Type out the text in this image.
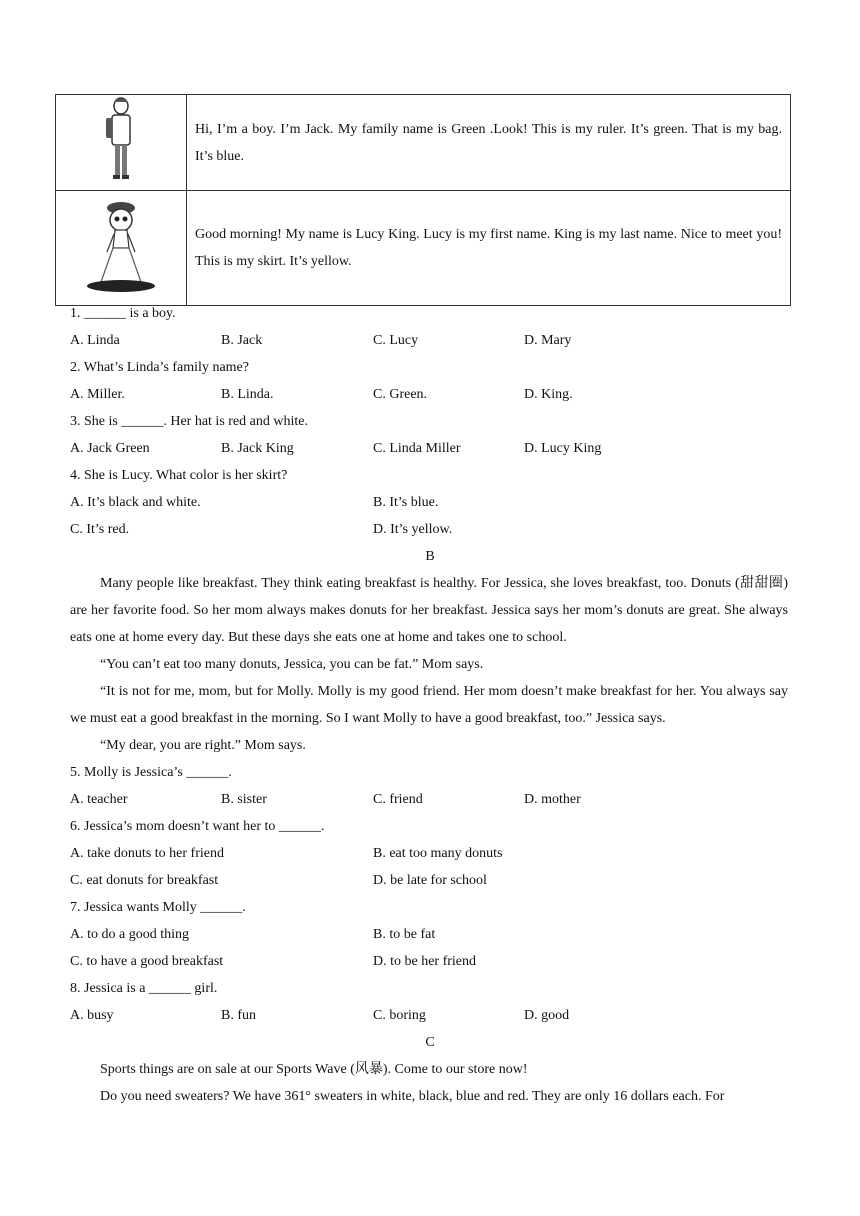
	Hi, I’m a boy. I’m Jack. My family name is Green .Look! This is my ruler. It’s green. That is my bag. It’s blue.
	Good morning! My name is Lucy King. Lucy is my first name. King is my last name. Nice to meet you! This is my skirt. It’s yellow.
1. ______ is a boy.
A. Linda	B. Jack	C. Lucy	D. Mary
2. What’s Linda’s family name?
A. Miller.	B. Linda.	C. Green.	D. King.
3. She is ______. Her hat is red and white.
A. Jack Green	B. Jack King	C. Linda Miller	D. Lucy King
4. She is Lucy. What color is her skirt?
A. It’s black and white.	B. It’s blue.
C. It’s red.	D. It’s yellow.
B
Many people like breakfast. They think eating breakfast is healthy. For Jessica, she loves breakfast, too. Donuts (甜甜圈) are her favorite food. So her mom always makes donuts for her breakfast. Jessica says her mom’s donuts are great. She always eats one at home every day. But these days she eats one at home and takes one to school.
“You can’t eat too many donuts, Jessica, you can be fat.” Mom says.
“It is not for me, mom, but for Molly. Molly is my good friend. Her mom doesn’t make breakfast for her. You always say we must eat a good breakfast in the morning. So I want Molly to have a good breakfast, too.” Jessica says.
“My dear, you are right.” Mom says.
5. Molly is Jessica’s ______.
A. teacher	B. sister	C. friend	D. mother
6. Jessica’s mom doesn’t want her to ______.
A. take donuts to her friend	B. eat too many donuts
C. eat donuts for breakfast	D. be late for school
7. Jessica wants Molly ______.
A. to do a good thing	B. to be fat
C. to have a good breakfast	D. to be her friend
8. Jessica is a ______ girl.
A. busy	B. fun	C. boring	D. good
C
Sports things are on sale at our Sports Wave (风暴). Come to our store now!
Do you need sweaters? We have 361° sweaters in white, black, blue and red. They are only 16 dollars each. For
